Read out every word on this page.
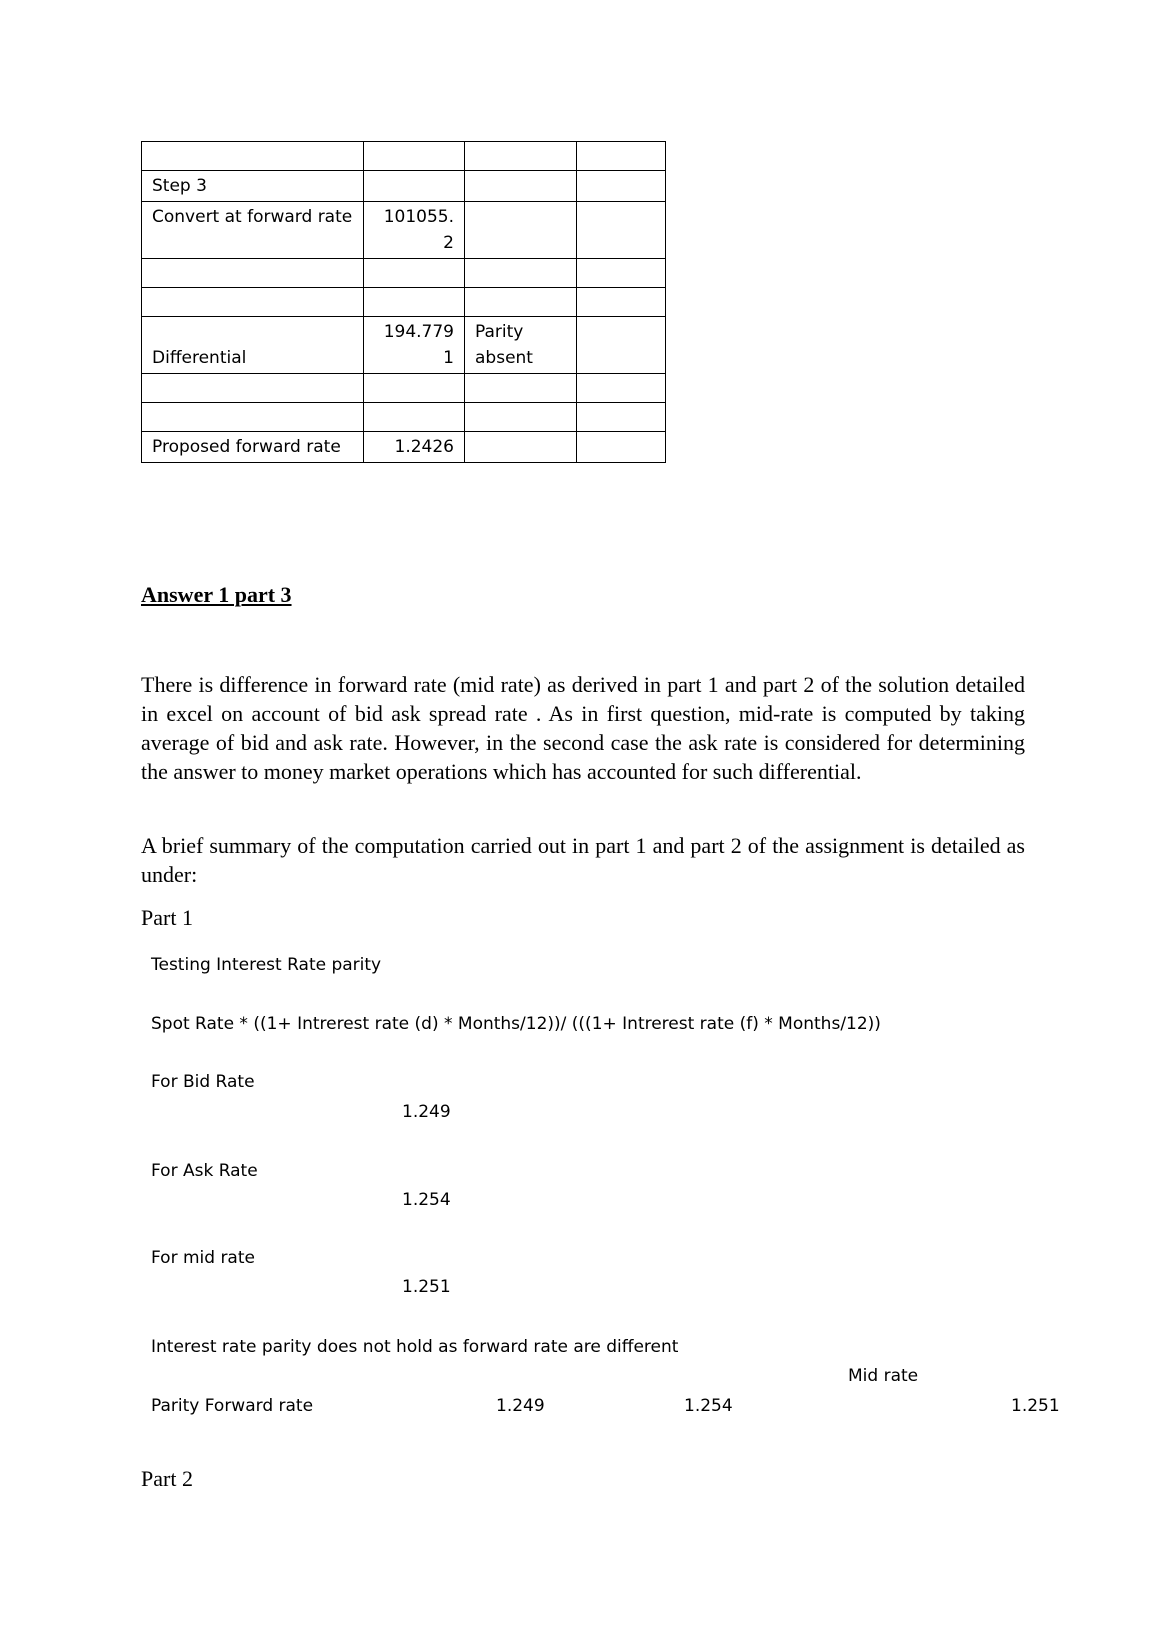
Step 3			
Convert at forward rate	101055.2		

Differential	194.7791	Parity absent	

Proposed forward rate	1.2426		
Answer 1 part 3

There is difference in forward rate (mid rate) as derived in part 1 and part 2 of the solution detailed in excel on account of bid ask spread rate . As in first question, mid-rate is computed by taking average of bid and ask rate. However, in the second case the ask rate is considered for determining the answer to money market operations which has accounted for such differential.

A brief summary of the computation carried out in part 1 and part 2 of the assignment is detailed as under:

Part 1
Testing Interest Rate parity
Spot Rate * ((1+ Intrerest rate (d) * Months/12))/ (((1+ Intrerest rate (f) * Months/12))
For Bid Rate
1.249
For Ask Rate
1.254
For mid rate
1.251
Interest rate parity does not hold as forward rate are different
Mid rate
Parity Forward rate	1.249	1.254	1.251
Part 2
